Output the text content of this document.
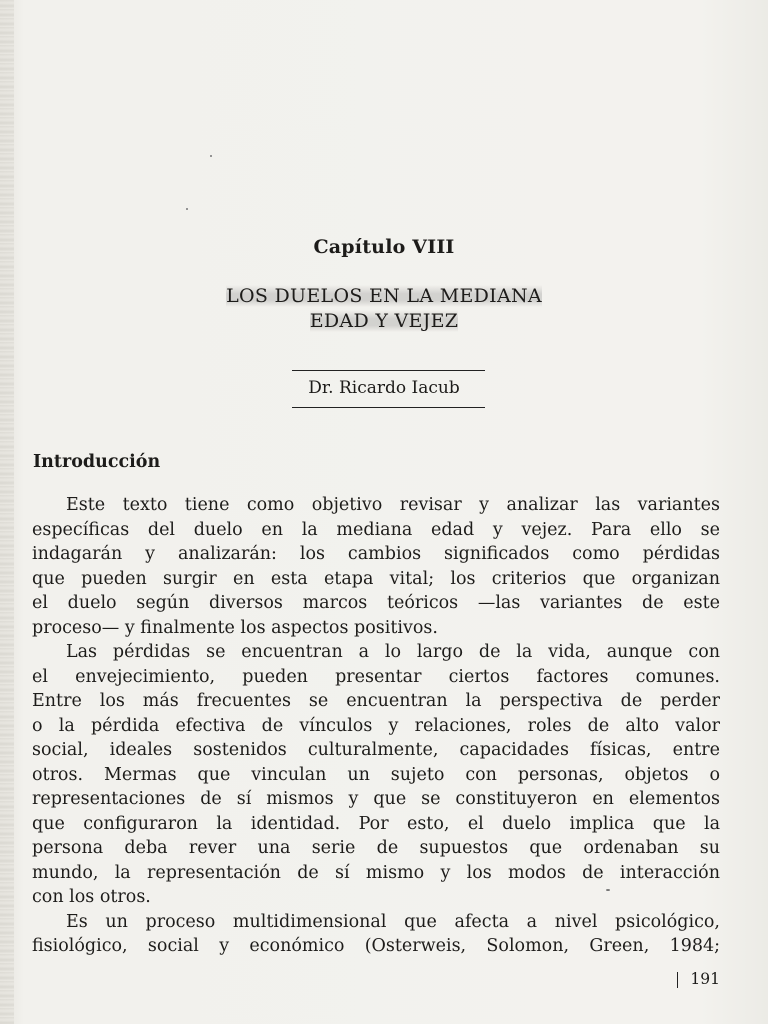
Capítulo VIII
LOS DUELOS EN LA MEDIANA
EDAD Y VEJEZ
Dr. Ricardo Iacub
Introducción
Este texto tiene como objetivo revisar y analizar las variantes
específicas del duelo en la mediana edad y vejez. Para ello se
indagarán y analizarán: los cambios significados como pérdidas
que pueden surgir en esta etapa vital; los criterios que organizan
el duelo según diversos marcos teóricos —las variantes de este
proceso— y finalmente los aspectos positivos.
Las pérdidas se encuentran a lo largo de la vida, aunque con
el envejecimiento, pueden presentar ciertos factores comunes.
Entre los más frecuentes se encuentran la perspectiva de perder
o la pérdida efectiva de vínculos y relaciones, roles de alto valor
social, ideales sostenidos culturalmente, capacidades físicas, entre
otros. Mermas que vinculan un sujeto con personas, objetos o
representaciones de sí mismos y que se constituyeron en elementos
que configuraron la identidad. Por esto, el duelo implica que la
persona deba rever una serie de supuestos que ordenaban su
mundo, la representación de sí mismo y los modos de interacción
con los otros.
Es un proceso multidimensional que afecta a nivel psicológico,
fisiológico, social y económico (Osterweis, Solomon, Green, 1984;
191
